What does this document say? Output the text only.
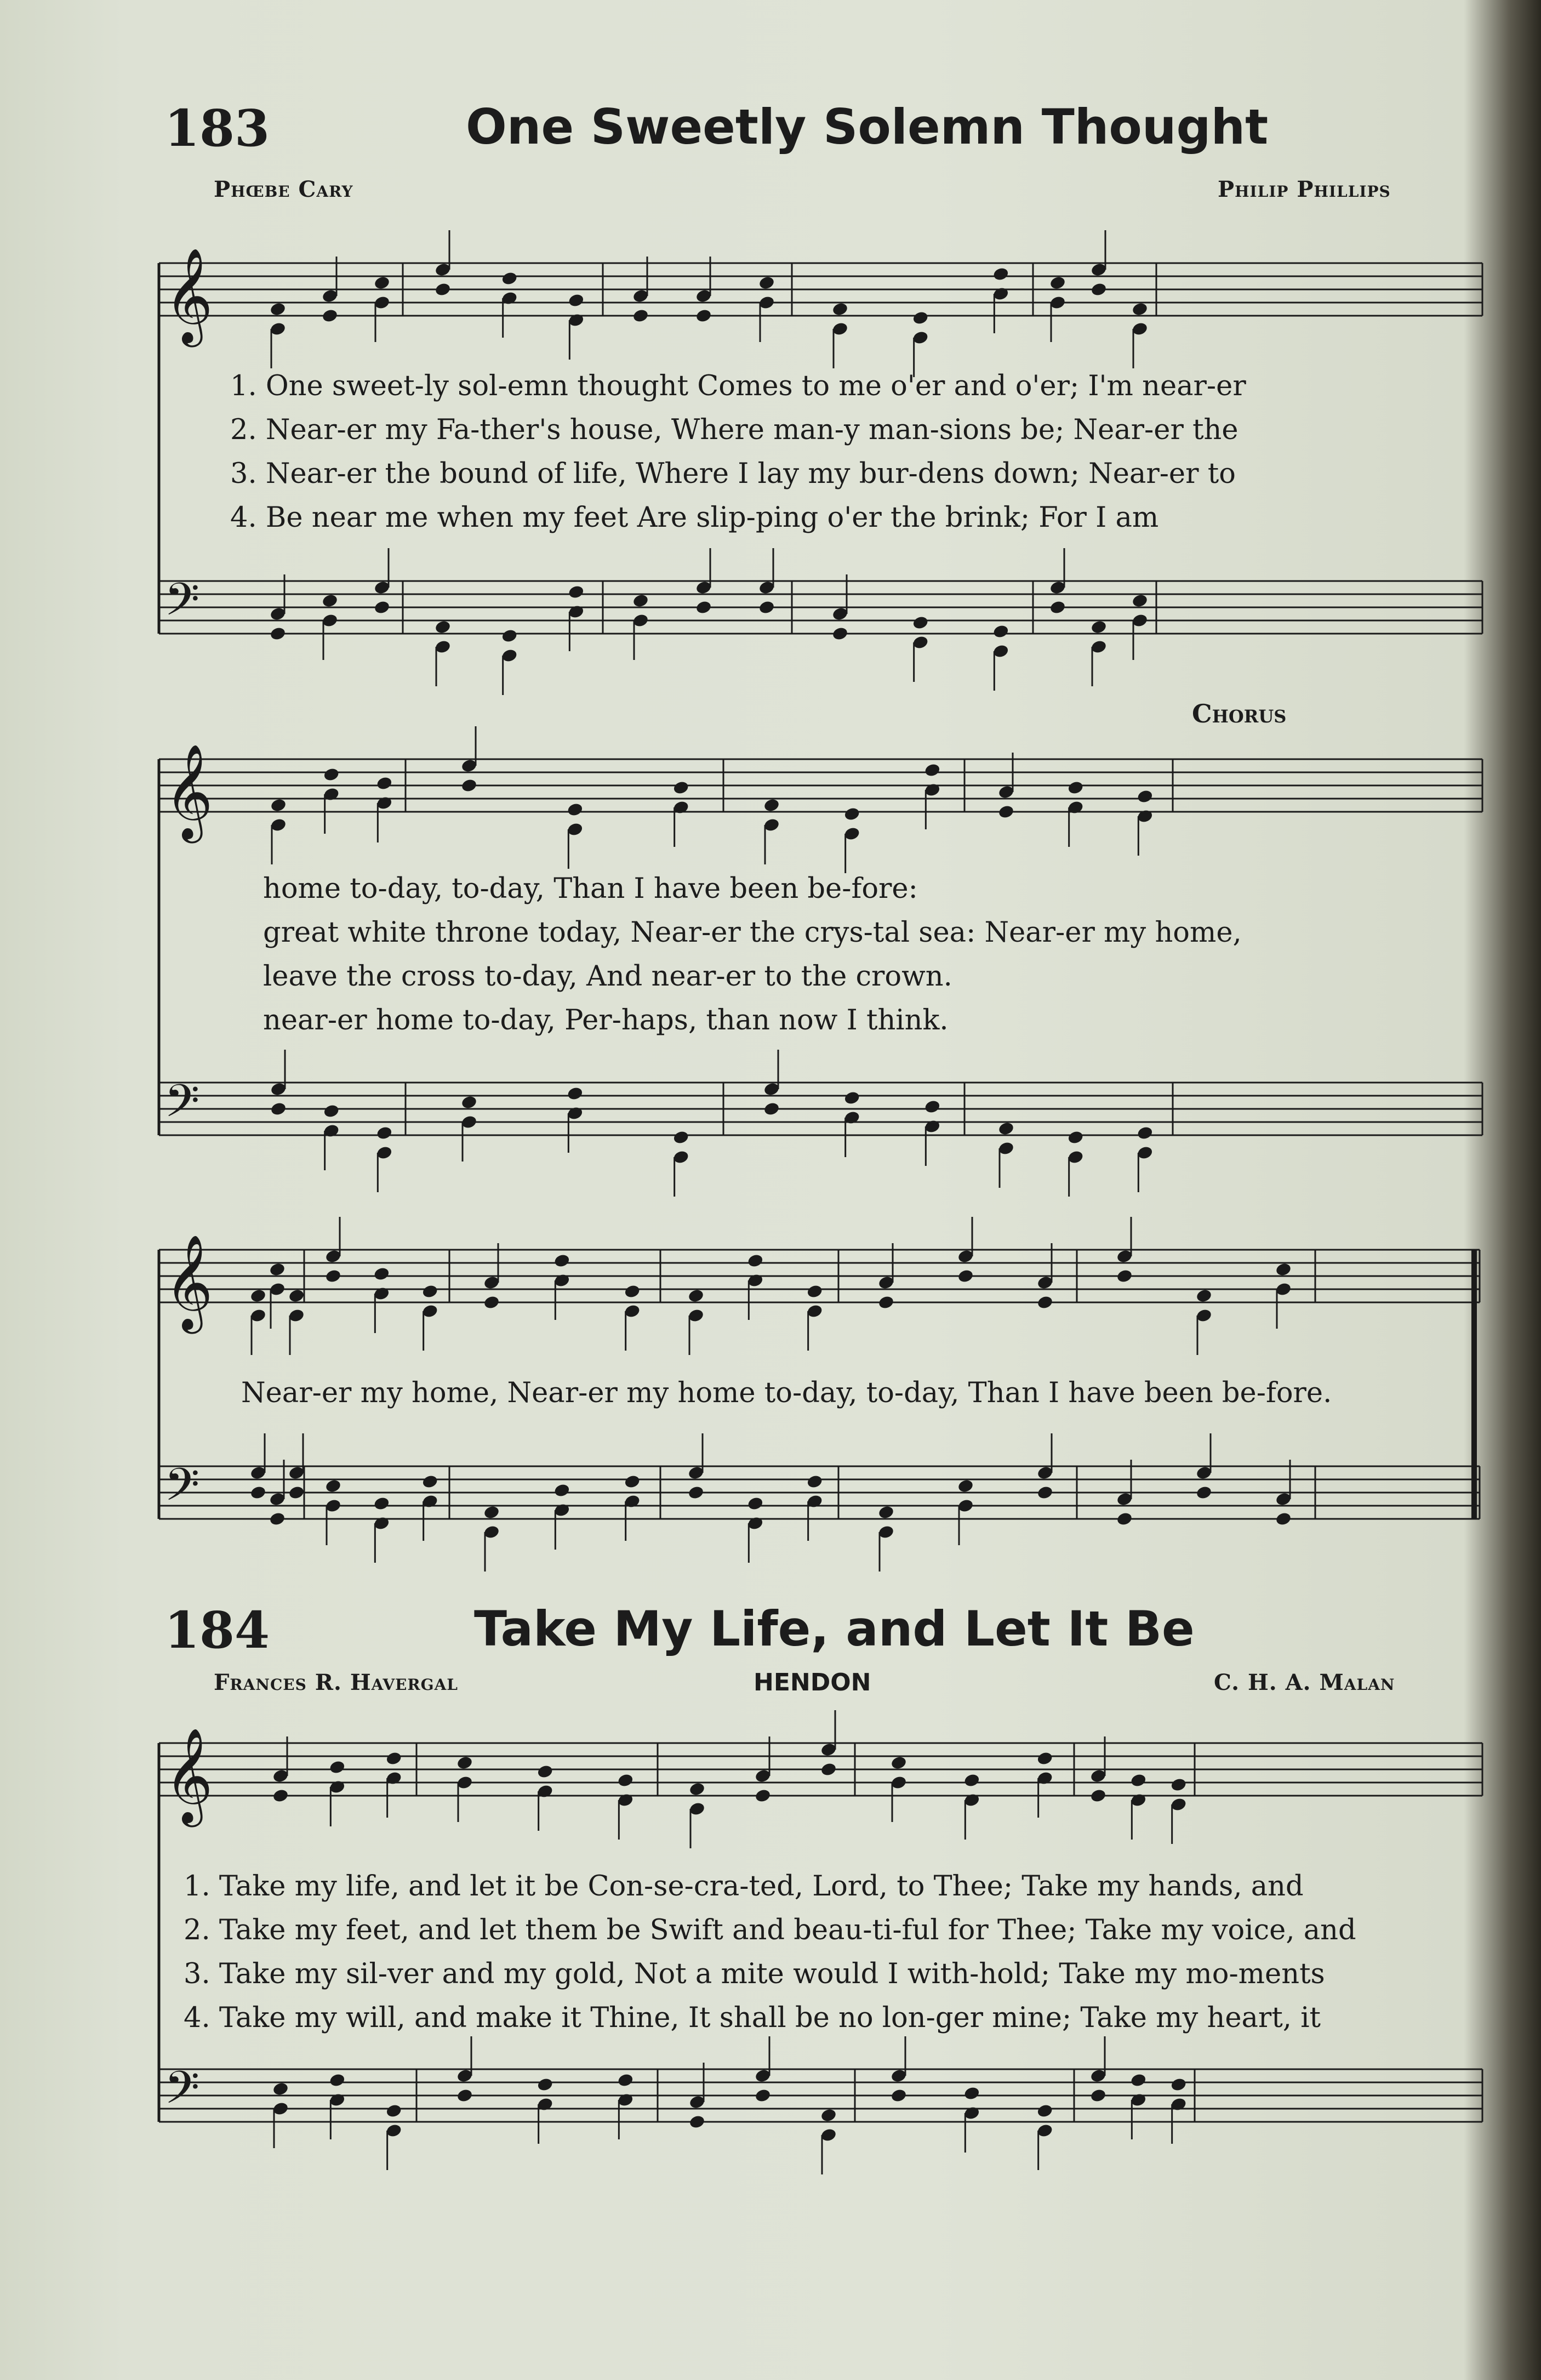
𝄞
𝄢
𝄞
𝄢
𝄞
𝄢
𝄞
𝄢
183	One Sweetly Solemn Thought
Phœbe Cary	Philip Phillips
1. One sweet-ly sol-emn thought Comes to me o'er and o'er; I'm near-er
2. Near-er my Fa-ther's house, Where man-y man-sions be; Near-er the
3. Near-er the bound of life, Where I lay my bur-dens down; Near-er to
4. Be near me when my feet Are slip-ping o'er the brink; For I am
Chorus
home to-day, to-day, Than I have been be-fore:
great white throne today, Near-er the crys-tal sea: Near-er my home,
leave the cross to-day, And near-er to the crown.
near-er home to-day, Per-haps, than now I think.
Near-er my home, Near-er my home to-day, to-day, Than I have been be-fore.
184	Take My Life, and Let It Be
Frances R. Havergal	HENDON	C. H. A. Malan
1. Take my life, and let it be Con-se-cra-ted, Lord, to Thee; Take my hands, and
2. Take my feet, and let them be Swift and beau-ti-ful for Thee; Take my voice, and
3. Take my sil-ver and my gold, Not a mite would I with-hold; Take my mo-ments
4. Take my will, and make it Thine, It shall be no lon-ger mine; Take my heart, it
